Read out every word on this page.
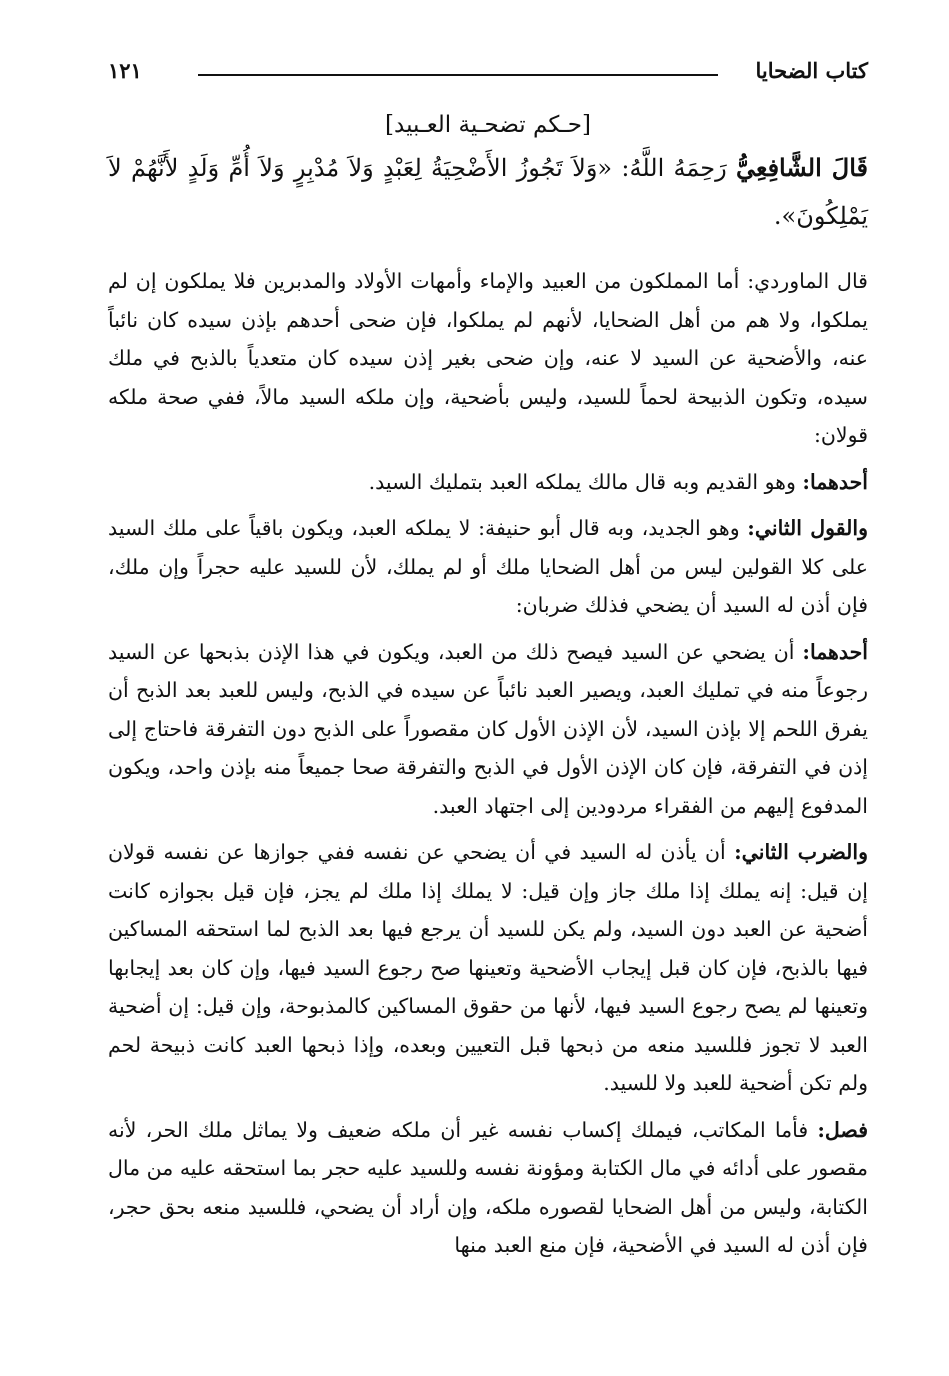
كتاب الضحايا
١٢١
[حـكم تضحـية العـبيد]

قَالَ الشَّافِعِيُّ رَحِمَهُ اللَّهُ: «وَلاَ تَجُوزُ الأَضْحِيَةُ لِعَبْدٍ وَلاَ مُدْبِرٍ وَلاَ أُمِّ وَلَدٍ لأَنَّهُمْ لاَ يَمْلِكُونَ».

قال الماوردي: أما المملكون من العبيد والإماء وأمهات الأولاد والمدبرين فلا يملكون إن لم يملكوا، ولا هم من أهل الضحايا، لأنهم لم يملكوا، فإن ضحى أحدهم بإذن سيده كان نائباً عنه، والأضحية عن السيد لا عنه، وإن ضحى بغير إذن سيده كان متعدياً بالذبح في ملك سيده، وتكون الذبيحة لحماً للسيد، وليس بأضحية، وإن ملكه السيد مالاً، ففي صحة ملكه قولان:

أحدهما: وهو القديم وبه قال مالك يملكه العبد بتمليك السيد.

والقول الثاني: وهو الجديد، وبه قال أبو حنيفة: لا يملكه العبد، ويكون باقياً على ملك السيد على كلا القولين ليس من أهل الضحايا ملك أو لم يملك، لأن للسيد عليه حجراً وإن ملك، فإن أذن له السيد أن يضحي فذلك ضربان:

أحدهما: أن يضحي عن السيد فيصح ذلك من العبد، ويكون في هذا الإذن بذبحها عن السيد رجوعاً منه في تمليك العبد، ويصير العبد نائباً عن سيده في الذبح، وليس للعبد بعد الذبح أن يفرق اللحم إلا بإذن السيد، لأن الإذن الأول كان مقصوراً على الذبح دون التفرقة فاحتاج إلى إذن في التفرقة، فإن كان الإذن الأول في الذبح والتفرقة صحا جميعاً منه بإذن واحد، ويكون المدفوع إليهم من الفقراء مردودين إلى اجتهاد العبد.

والضرب الثاني: أن يأذن له السيد في أن يضحي عن نفسه ففي جوازها عن نفسه قولان إن قيل: إنه يملك إذا ملك جاز وإن قيل: لا يملك إذا ملك لم يجز، فإن قيل بجوازه كانت أضحية عن العبد دون السيد، ولم يكن للسيد أن يرجع فيها بعد الذبح لما استحقه المساكين فيها بالذبح، فإن كان قبل إيجاب الأضحية وتعينها صح رجوع السيد فيها، وإن كان بعد إيجابها وتعينها لم يصح رجوع السيد فيها، لأنها من حقوق المساكين كالمذبوحة، وإن قيل: إن أضحية العبد لا تجوز فللسيد منعه من ذبحها قبل التعيين وبعده، وإذا ذبحها العبد كانت ذبيحة لحم ولم تكن أضحية للعبد ولا للسيد.

فصل: فأما المكاتب، فيملك إكساب نفسه غير أن ملكه ضعيف ولا يماثل ملك الحر، لأنه مقصور على أدائه في مال الكتابة ومؤونة نفسه وللسيد عليه حجر بما استحقه عليه من مال الكتابة، وليس من أهل الضحايا لقصوره ملكه، وإن أراد أن يضحي، فللسيد منعه بحق حجر، فإن أذن له السيد في الأضحية، فإن منع العبد منها
